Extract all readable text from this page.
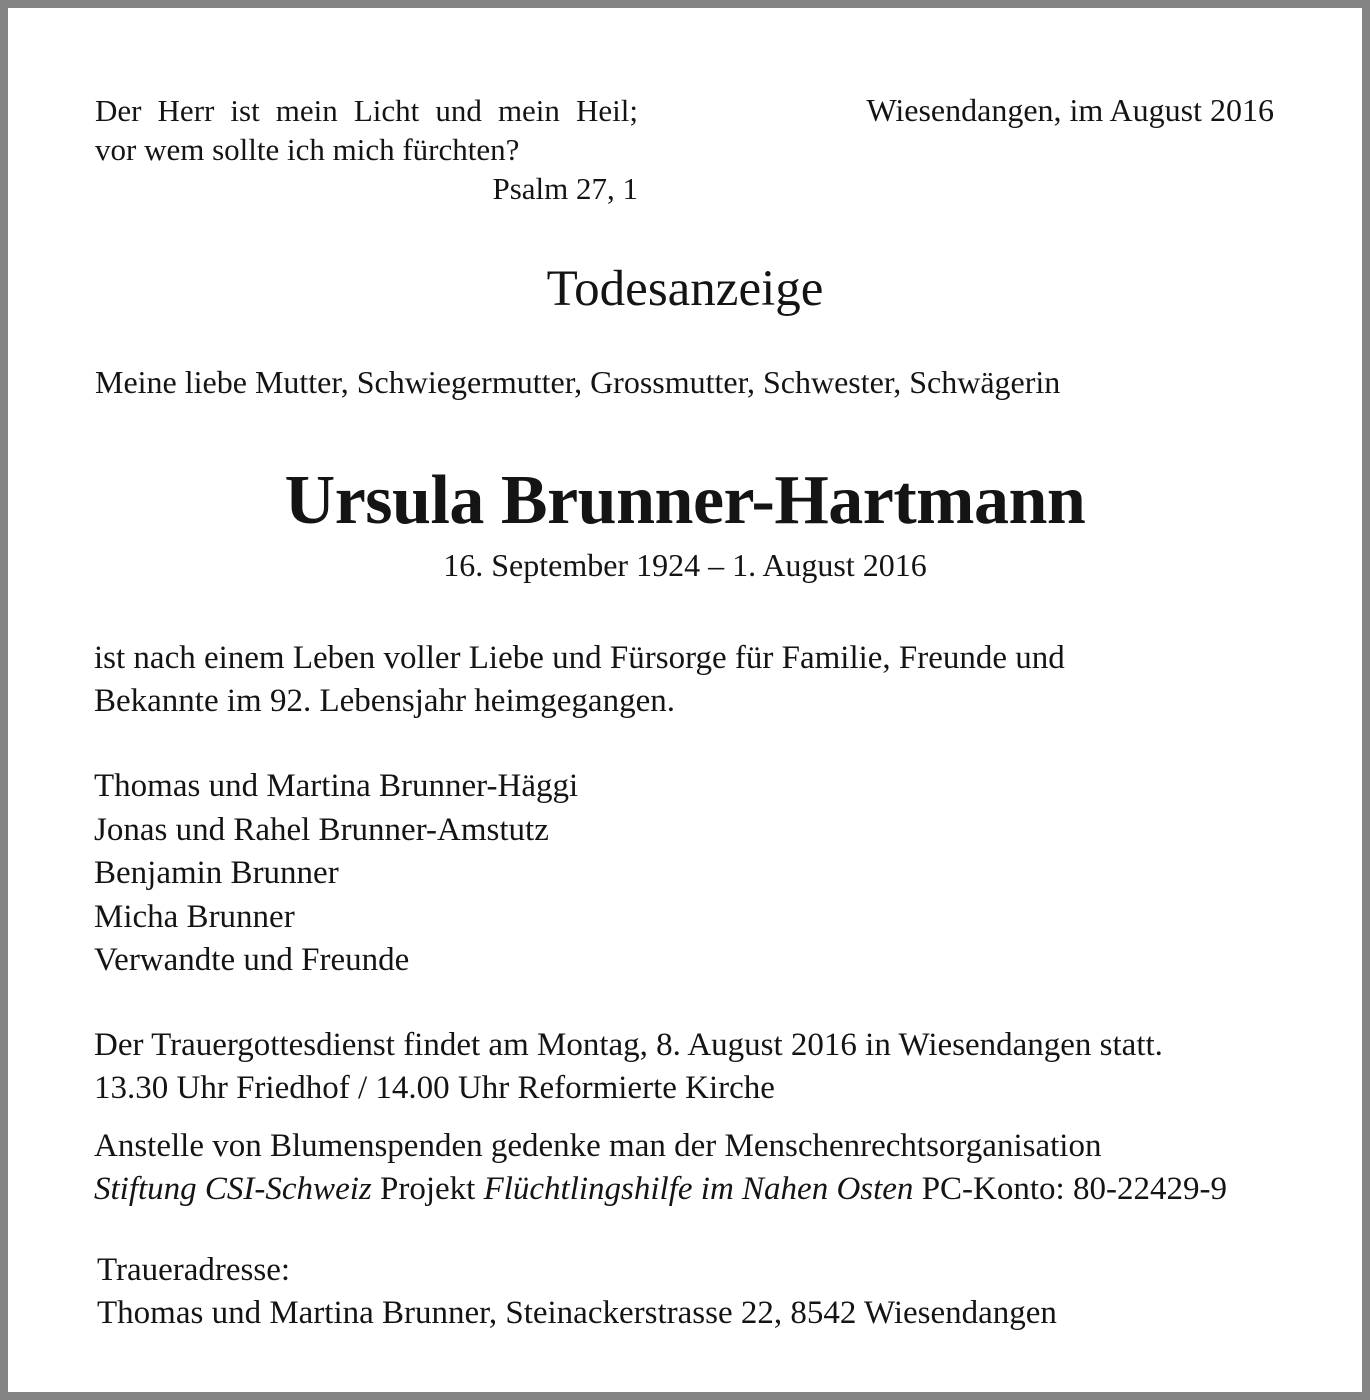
Der Herr ist mein Licht und mein Heil;
vor wem sollte ich mich fürchten?
Psalm 27, 1
Wiesendangen, im August 2016
Todesanzeige
Meine liebe Mutter, Schwiegermutter, Grossmutter, Schwester, Schwägerin
Ursula Brunner-Hartmann
16. September 1924 – 1. August 2016
ist nach einem Leben voller Liebe und Fürsorge für Familie, Freunde und
Bekannte im 92. Lebensjahr heimgegangen.
Thomas und Martina Brunner-Häggi
Jonas und Rahel Brunner-Amstutz
Benjamin Brunner
Micha Brunner
Verwandte und Freunde
Der Trauergottesdienst findet am Montag, 8. August 2016 in Wiesendangen statt.
13.30 Uhr Friedhof / 14.00 Uhr Reformierte Kirche
Anstelle von Blumenspenden gedenke man der Menschenrechtsorganisation
Stiftung CSI-Schweiz Projekt Flüchtlingshilfe im Nahen Osten PC-Konto: 80-22429-9
Traueradresse:
Thomas und Martina Brunner, Steinackerstrasse 22, 8542 Wiesendangen
